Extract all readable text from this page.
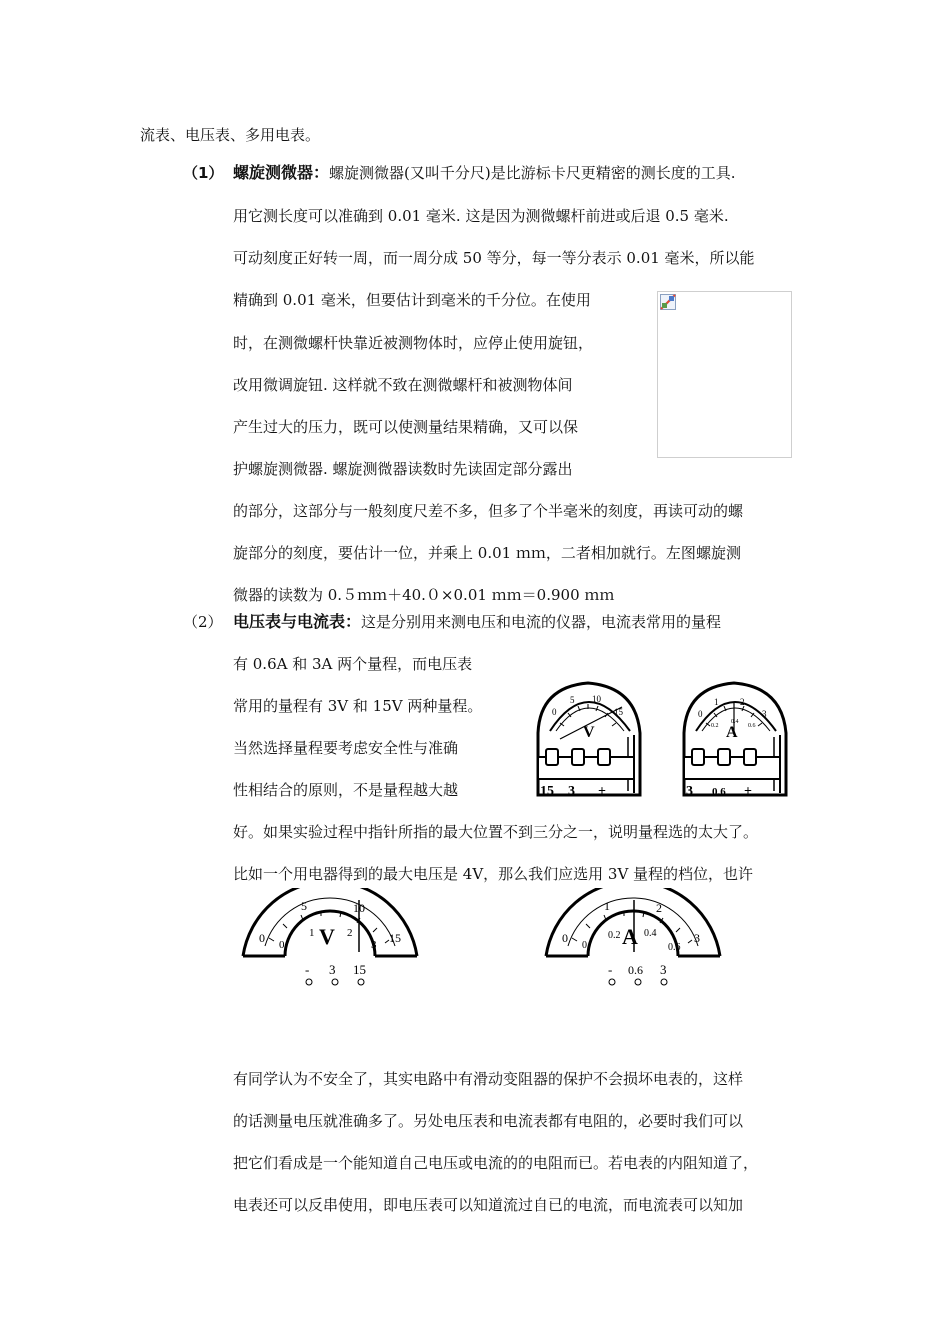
流表、电压表、多用电表。
（1） 螺旋测微器：螺旋测微器(又叫千分尺)是比游标卡尺更精密的测长度的工具.
用它测长度可以准确到 0.01 毫米. 这是因为测微螺杆前进或后退 0.5 毫米.
可动刻度正好转一周，而一周分成 50 等分，每一等分表示 0.01 毫米，所以能
精确到 0.01 毫米，但要估计到毫米的千分位。在使用
时，在测微螺杆快靠近被测物体时，应停止使用旋钮，
改用微调旋钮. 这样就不致在测微螺杆和被测物体间
产生过大的压力，既可以使测量结果精确，又可以保
护螺旋测微器. 螺旋测微器读数时先读固定部分露出
的部分，这部分与一般刻度尺差不多，但多了个半毫米的刻度，再读可动的螺
旋部分的刻度，要估计一位，并乘上 0.01 ｍｍ，二者相加就行。左图螺旋测
微器的读数为 0.５ｍｍ＋40.０×0.01 ｍｍ＝0.900 ｍｍ
（2） 电压表与电流表：这是分别用来测电压和电流的仪器，电流表常用的量程
有 0.6A 和 3A 两个量程，而电压表
常用的量程有 3V 和 15V 两种量程。
当然选择量程要考虑安全性与准确
性相结合的原则，不是量程越大越
好。如果实验过程中指针所指的最大位置不到三分之一，说明量程选的太大了。
比如一个用电器得到的最大电压是 4V，那么我们应选用 3V 量程的档位，也许
有同学认为不安全了，其实电路中有滑动变阻器的保护不会损坏电表的，这样
的话测量电压就准确多了。另处电压表和电流表都有电阻的，必要时我们可以
把它们看成是一个能知道自己电压或电流的的电阻而已。若电表的内阻知道了，
电表还可以反串使用，即电压表可以知道流过自已的电流，而电流表可以知加
0
5 10
15
V
15 3 +
0
1 2
3
0.2
0.4
0.6
A
3 0.6 +
0
5	10
15
0
1	2
3
V
- 3 15
0
1	2
3
0
0.2 0.4
0.6
A
- 0.6 3
